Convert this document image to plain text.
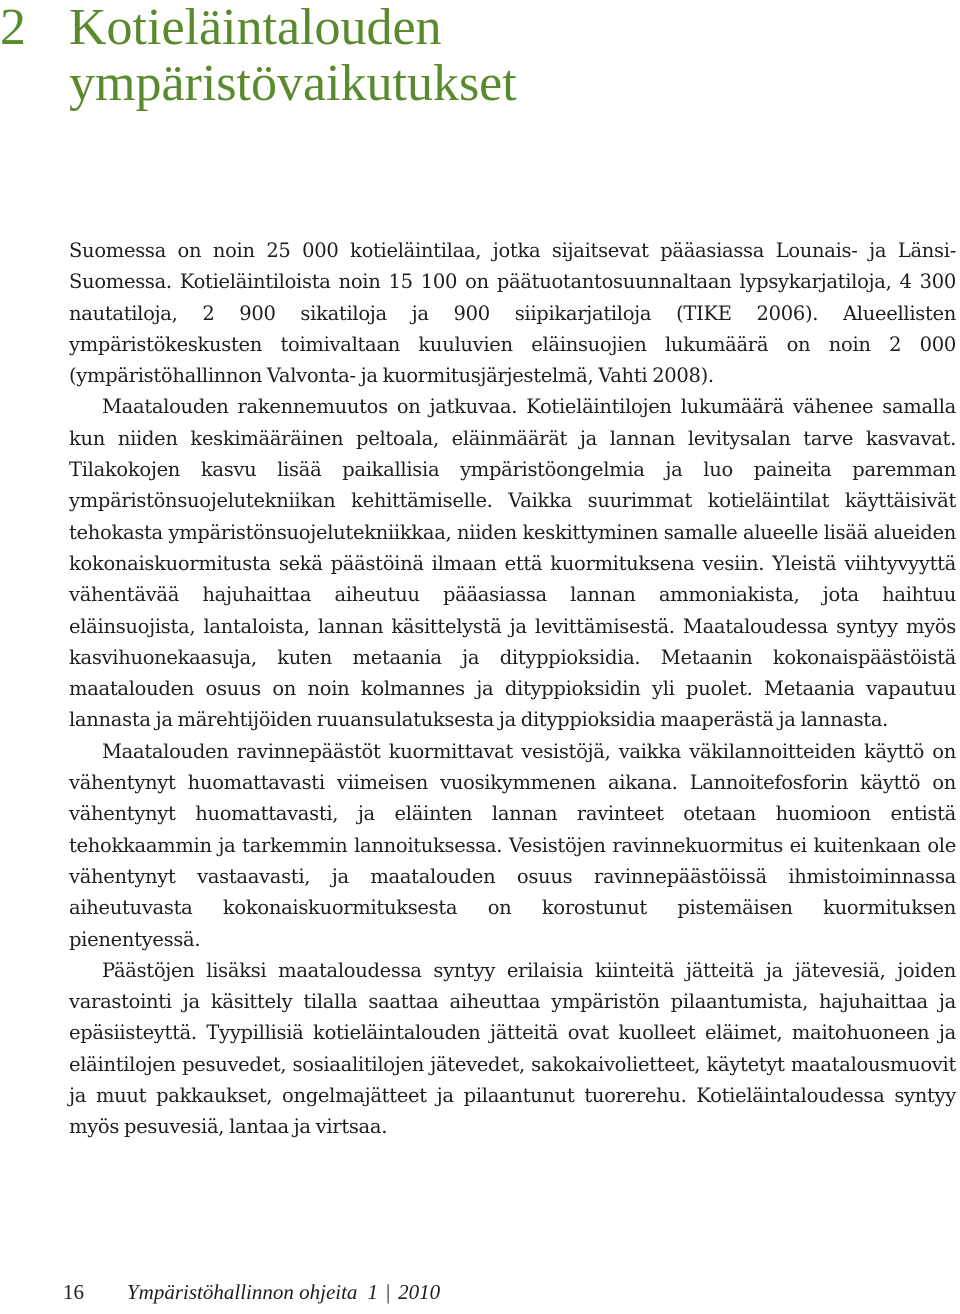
2 Kotieläintalouden
ympäristövaikutukset

Suomessa on noin 25 000 kotieläintilaa, jotka sijaitsevat pääasiassa Lounais- ja Länsi-Suomessa. Kotieläintiloista noin 15 100 on päätuotantosuunnaltaan lypsykarjatiloja, 4 300 nautatiloja, 2 900 sikatiloja ja 900 siipikarjatiloja (TIKE 2006). Alueellisten ympäristökeskusten toimivaltaan kuuluvien eläinsuojien lukumäärä on noin 2 000 (ympäristöhallinnon Valvonta- ja kuormitusjärjestelmä, Vahti 2008).

Maatalouden rakennemuutos on jatkuvaa. Kotieläintilojen lukumäärä vähenee samalla kun niiden keskimääräinen peltoala, eläinmäärät ja lannan levitysalan tarve kasvavat. Tilakokojen kasvu lisää paikallisia ympäristöongelmia ja luo paineita paremman ympäristönsuojelutekniikan kehittämiselle. Vaikka suurimmat kotieläintilat käyttäisivät tehokasta ympäristönsuojelutekniikkaa, niiden keskittyminen samalle alueelle lisää alueiden kokonaiskuormitusta sekä päästöinä ilmaan että kuormituksena vesiin. Yleistä viihtyvyyttä vähentävää hajuhaittaa aiheutuu pääasiassa lannan ammoniakista, jota haihtuu eläinsuojista, lantaloista, lannan käsittelystä ja levittämisestä. Maataloudessa syntyy myös kasvihuonekaasuja, kuten metaania ja dityppioksidia. Metaanin kokonaispäästöistä maatalouden osuus on noin kolmannes ja dityppioksidin yli puolet. Metaania vapautuu lannasta ja märehtijöiden ruuansulatuksesta ja dityppioksidia maaperästä ja lannasta.

Maatalouden ravinnepäästöt kuormittavat vesistöjä, vaikka väkilannoitteiden käyttö on vähentynyt huomattavasti viimeisen vuosikymmenen aikana. Lannoitefosforin käyttö on vähentynyt huomattavasti, ja eläinten lannan ravinteet otetaan huomioon entistä tehokkaammin ja tarkemmin lannoituksessa. Vesistöjen ravinnekuormitus ei kuitenkaan ole vähentynyt vastaavasti, ja maatalouden osuus ravinnepäästöissä ihmistoiminnassa aiheutuvasta kokonaiskuormituksesta on korostunut pistemäisen kuormituksen pienentyessä.

Päästöjen lisäksi maataloudessa syntyy erilaisia kiinteitä jätteitä ja jätevesiä, joiden varastointi ja käsittely tilalla saattaa aiheuttaa ympäristön pilaantumista, hajuhaittaa ja epäsiisteyttä. Tyypillisiä kotieläintalouden jätteitä ovat kuolleet eläimet, maitohuoneen ja eläintilojen pesuvedet, sosiaalitilojen jätevedet, sakokaivolietteet, käytetyt maatalousmuovit ja muut pakkaukset, ongelmajätteet ja pilaantunut tuorerehu. Kotieläintaloudessa syntyy myös pesuvesiä, lantaa ja virtsaa.

16	Ympäristöhallinnon ohjeita 1 | 2010
